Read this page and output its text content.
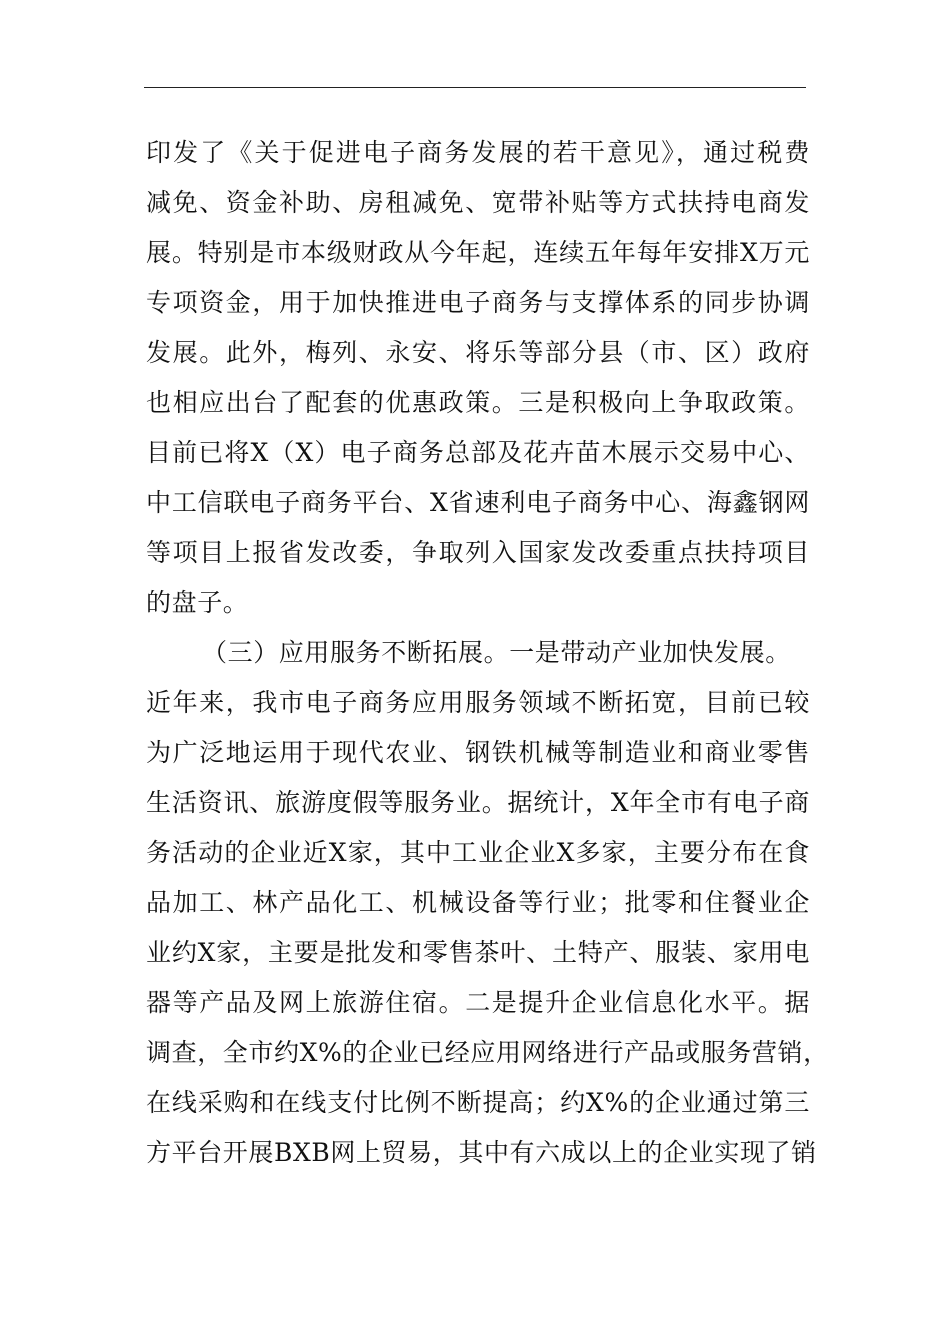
印发了《关于促进电子商务发展的若干意见》，通过税费
减免、资金补助、房租减免、宽带补贴等方式扶持电商发
展。特别是市本级财政从今年起，连续五年每年安排X万元
专项资金，用于加快推进电子商务与支撑体系的同步协调
发展。此外，梅列、永安、将乐等部分县（市、区）政府
也相应出台了配套的优惠政策。三是积极向上争取政策。
目前已将X（X）电子商务总部及花卉苗木展示交易中心、
中工信联电子商务平台、X省速利电子商务中心、海鑫钢网
等项目上报省发改委，争取列入国家发改委重点扶持项目
的盘子。
（三）应用服务不断拓展。一是带动产业加快发展。
近年来，我市电子商务应用服务领域不断拓宽，目前已较
为广泛地运用于现代农业、钢铁机械等制造业和商业零售
生活资讯、旅游度假等服务业。据统计，X年全市有电子商
务活动的企业近X家，其中工业企业X多家，主要分布在食
品加工、林产品化工、机械设备等行业；批零和住餐业企
业约X家，主要是批发和零售茶叶、土特产、服装、家用电
器等产品及网上旅游住宿。二是提升企业信息化水平。据
调查，全市约X%的企业已经应用网络进行产品或服务营销，
在线采购和在线支付比例不断提高；约X%的企业通过第三
方平台开展BXB网上贸易，其中有六成以上的企业实现了销
